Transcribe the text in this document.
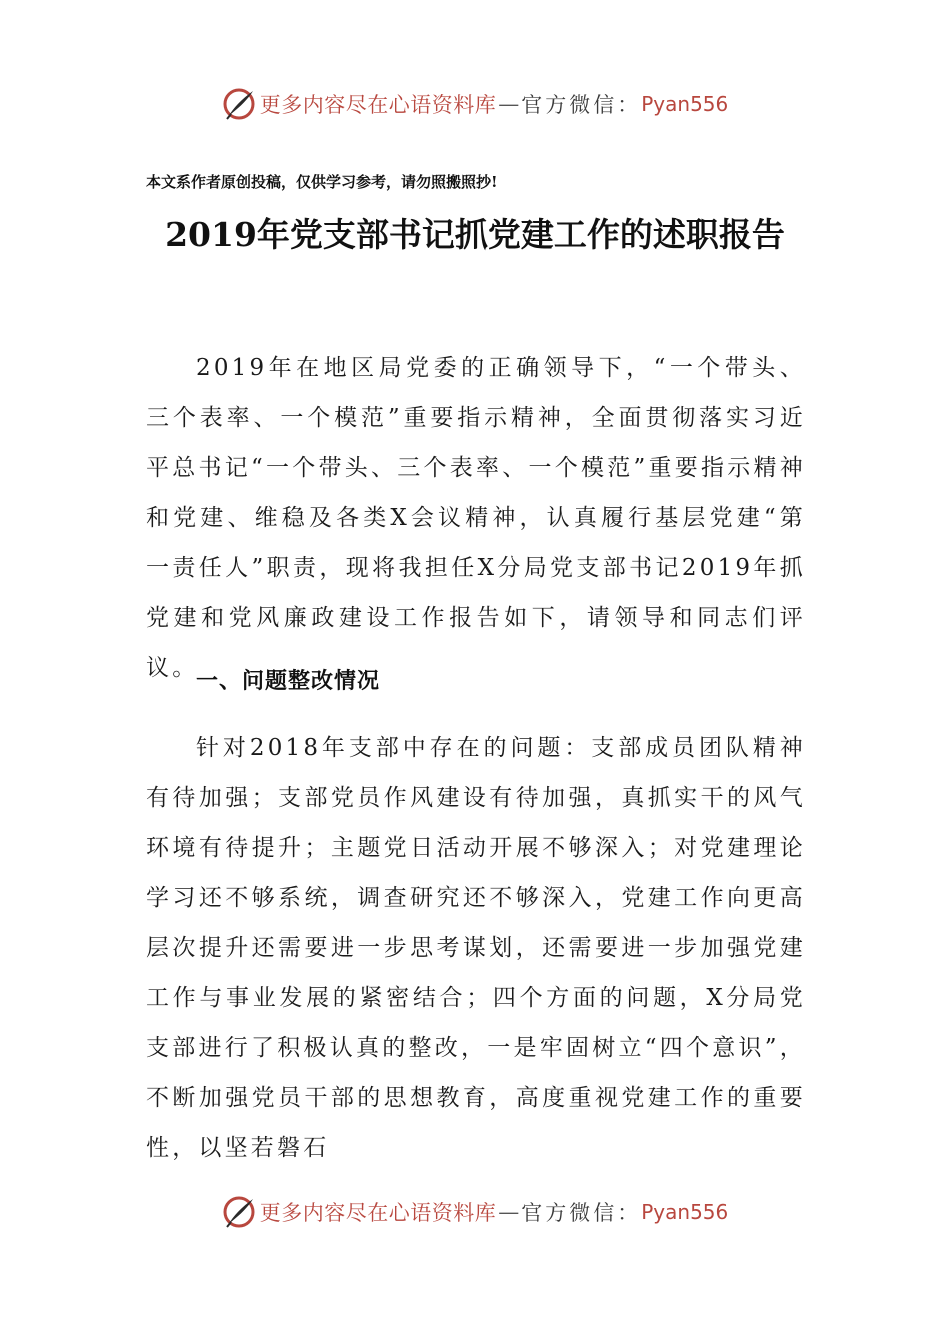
更多内容尽在心语资料库 — 官方微信： Pyan556
本文系作者原创投稿，仅供学习参考，请勿照搬照抄!
2019年党支部书记抓党建工作的述职报告

2019年在地区局党委的正确领导下，“一个带头、三个表率、一个模范”重要指示精神，全面贯彻落实习近平总书记“一个带头、三个表率、一个模范”重要指示精神和党建、维稳及各类X会议精神，认真履行基层党建“第一责任人”职责，现将我担任X分局党支部书记2019年抓党建和党风廉政建设工作报告如下，请领导和同志们评议。

一、问题整改情况

针对2018年支部中存在的问题：支部成员团队精神有待加强；支部党员作风建设有待加强，真抓实干的风气环境有待提升；主题党日活动开展不够深入；对党建理论学习还不够系统，调查研究还不够深入，党建工作向更高层次提升还需要进一步思考谋划，还需要进一步加强党建工作与事业发展的紧密结合；四个方面的问题，X分局党支部进行了积极认真的整改，一是牢固树立“四个意识”，不断加强党员干部的思想教育，高度重视党建工作的重要性，以坚若磐石

更多内容尽在心语资料库 — 官方微信： Pyan556
